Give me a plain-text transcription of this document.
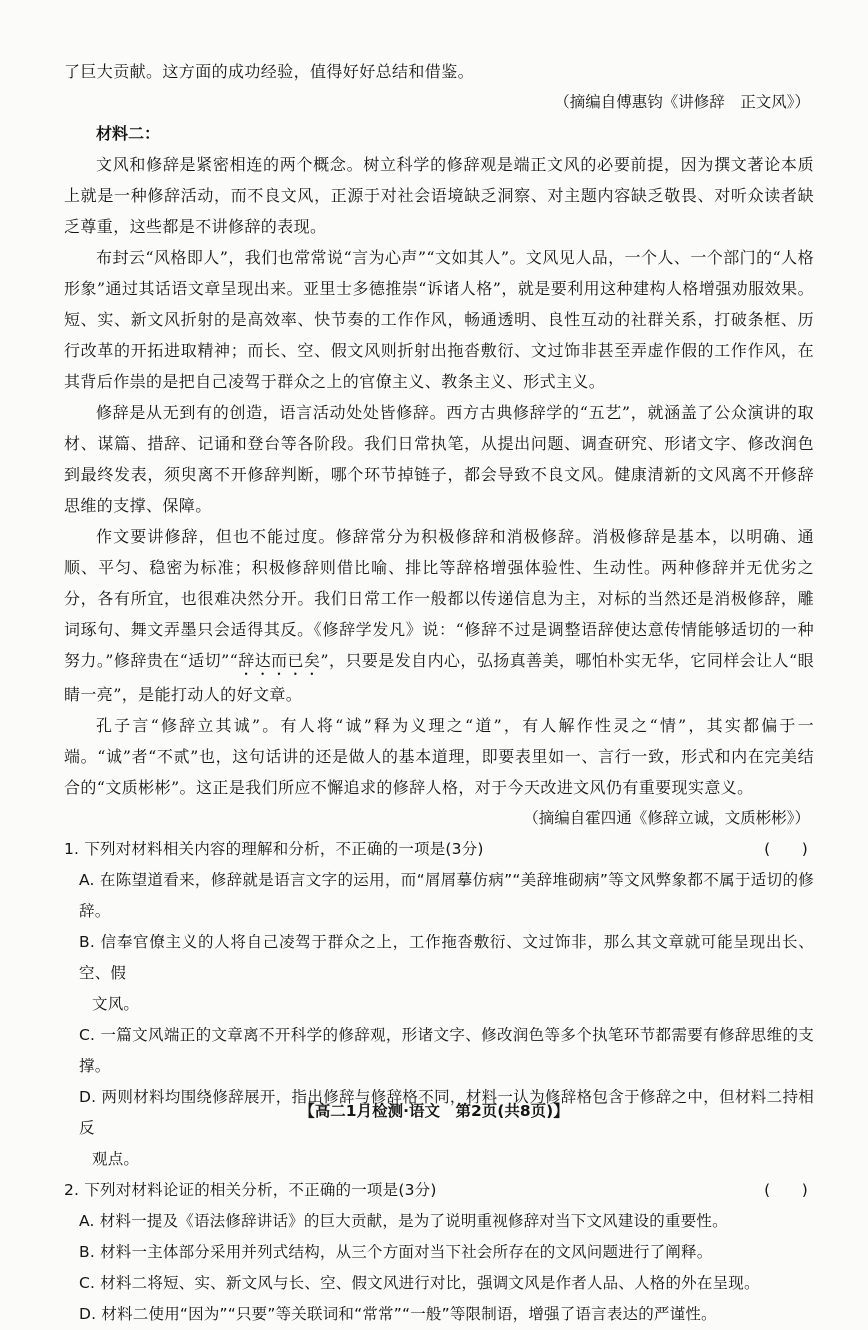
了巨大贡献。这方面的成功经验，值得好好总结和借鉴。

（摘编自傅惠钧《讲修辞　正文风》）

材料二：

文风和修辞是紧密相连的两个概念。树立科学的修辞观是端正文风的必要前提，因为撰文著论本质上就是一种修辞活动，而不良文风，正源于对社会语境缺乏洞察、对主题内容缺乏敬畏、对听众读者缺乏尊重，这些都是不讲修辞的表现。

布封云“风格即人”，我们也常常说“言为心声”“文如其人”。文风见人品，一个人、一个部门的“人格形象”通过其话语文章呈现出来。亚里士多德推崇“诉诸人格”，就是要利用这种建构人格增强劝服效果。短、实、新文风折射的是高效率、快节奏的工作作风，畅通透明、良性互动的社群关系，打破条框、历行改革的开拓进取精神；而长、空、假文风则折射出拖沓敷衍、文过饰非甚至弄虚作假的工作作风，在其背后作祟的是把自己凌驾于群众之上的官僚主义、教条主义、形式主义。

修辞是从无到有的创造，语言活动处处皆修辞。西方古典修辞学的“五艺”，就涵盖了公众演讲的取材、谋篇、措辞、记诵和登台等各阶段。我们日常执笔，从提出问题、调查研究、形诸文字、修改润色到最终发表，须臾离不开修辞判断，哪个环节掉链子，都会导致不良文风。健康清新的文风离不开修辞思维的支撑、保障。

作文要讲修辞，但也不能过度。修辞常分为积极修辞和消极修辞。消极修辞是基本，以明确、通顺、平匀、稳密为标准；积极修辞则借比喻、排比等辞格增强体验性、生动性。两种修辞并无优劣之分，各有所宜，也很难决然分开。我们日常工作一般都以传递信息为主，对标的当然还是消极修辞，雕词琢句、舞文弄墨只会适得其反。《修辞学发凡》说：“修辞不过是调整语辞使达意传情能够适切的一种努力。”修辞贵在“适切”“辞达而已矣”，只要是发自内心，弘扬真善美，哪怕朴实无华，它同样会让人“眼睛一亮”，是能打动人的好文章。

孔子言“修辞立其诚”。有人将“诚”释为义理之“道”，有人解作性灵之“情”，其实都偏于一端。“诚”者“不贰”也，这句话讲的还是做人的基本道理，即要表里如一、言行一致，形式和内在完美结合的“文质彬彬”。这正是我们所应不懈追求的修辞人格，对于今天改进文风仍有重要现实意义。

（摘编自霍四通《修辞立诚，文质彬彬》）

1. 下列对材料相关内容的理解和分析，不正确的一项是(3分)	(　　)

A. 在陈望道看来，修辞就是语言文字的运用，而“屑屑摹仿病”“美辞堆砌病”等文风弊象都不属于适切的修辞。

B. 信奉官僚主义的人将自己凌驾于群众之上，工作拖沓敷衍、文过饰非，那么其文章就可能呈现出长、空、假

文风。

C. 一篇文风端正的文章离不开科学的修辞观，形诸文字、修改润色等多个执笔环节都需要有修辞思维的支撑。

D. 两则材料均围绕修辞展开，指出修辞与修辞格不同，材料一认为修辞格包含于修辞之中，但材料二持相反

观点。

2. 下列对材料论证的相关分析，不正确的一项是(3分)	(　　)

A. 材料一提及《语法修辞讲话》的巨大贡献，是为了说明重视修辞对当下文风建设的重要性。

B. 材料一主体部分采用并列式结构，从三个方面对当下社会所存在的文风问题进行了阐释。

C. 材料二将短、实、新文风与长、空、假文风进行对比，强调文风是作者人品、人格的外在呈现。

D. 材料二使用“因为”“只要”等关联词和“常常”“一般”等限制语，增强了语言表达的严谨性。

【高二1月检测·语文　第2页(共8页)】
